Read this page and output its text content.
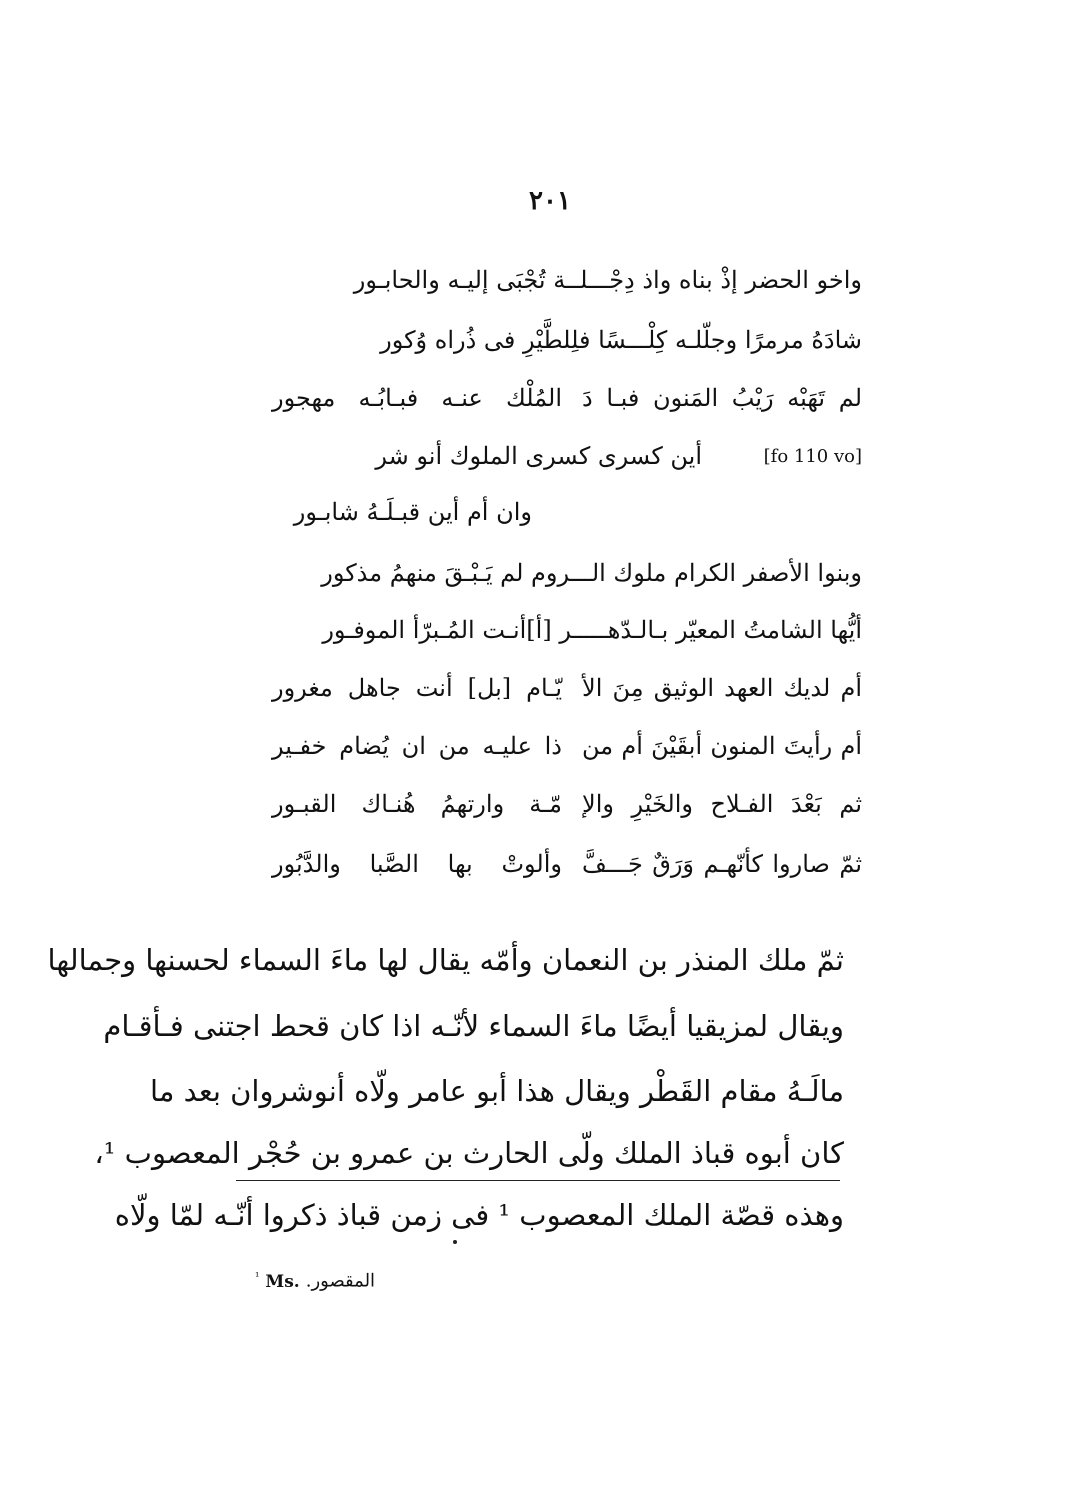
٢٠١
واخو الحضر إذْ بناه واذ دِجْـــلــة تُجْبَى إليـه والحابـور
شادَهُ مرمرًا وجلّلـه كِلْـــسًا فلِلطَّيْرِ فى ذُراه وُكور
لم تَهَبْه رَيْبُ المَنون فبـا دَالمُلْك عنـه فبـابُـه مهجور
[fo 110 vo]
أين كسرى كسرى الملوك أنو شر
وان أم أين قبـلَـهُ شابـور
وبنوا الأصفر الكرام ملوك الـــروم لم يَـبْـقَ منهمُ مذكور
أيُّها الشامتُ المعيّر بـالـدّهـــــر [أ]أنـت المُـبرّأ الموفـور
أم لديك العهد الوثيق مِنَ الأيّـام [بل] أنت جاهل مغرور
أم رأيتَ المنون أبقَيْنَ أم منذا عليـه من ان يُضام خفـير
ثم بَعْدَ الفـلاح والخَيْرِ والإمّـة وارتهمُ هُنـاك القبـور
ثمّ صاروا كأنّهـم وَرَقٌ جَـــفَّوألوتْ بها الصَّبا والدَّبُور
ثمّ ملك المنذر بن النعمان وأمّه يقال لها ماءَ السماء لحسنها وجمالها
ويقال لمزيقيا أيضًا ماءَ السماء لأنّـه اذا كان قحط اجتنى فـأقـام
مالَـهُ مقام القَطْر ويقال هذا أبو عامر ولّاه أنوشروان بعد ما
كان أبوه قباذ الملك ولّى الحارث بن عمرو بن حُجْر المعصوب ¹،
وهذه قصّة الملك المعصوب ¹ فى زمن قباذ ذكروا أنّـه لمّا ولّاه
$^{^1}$ Ms. المقصور.
